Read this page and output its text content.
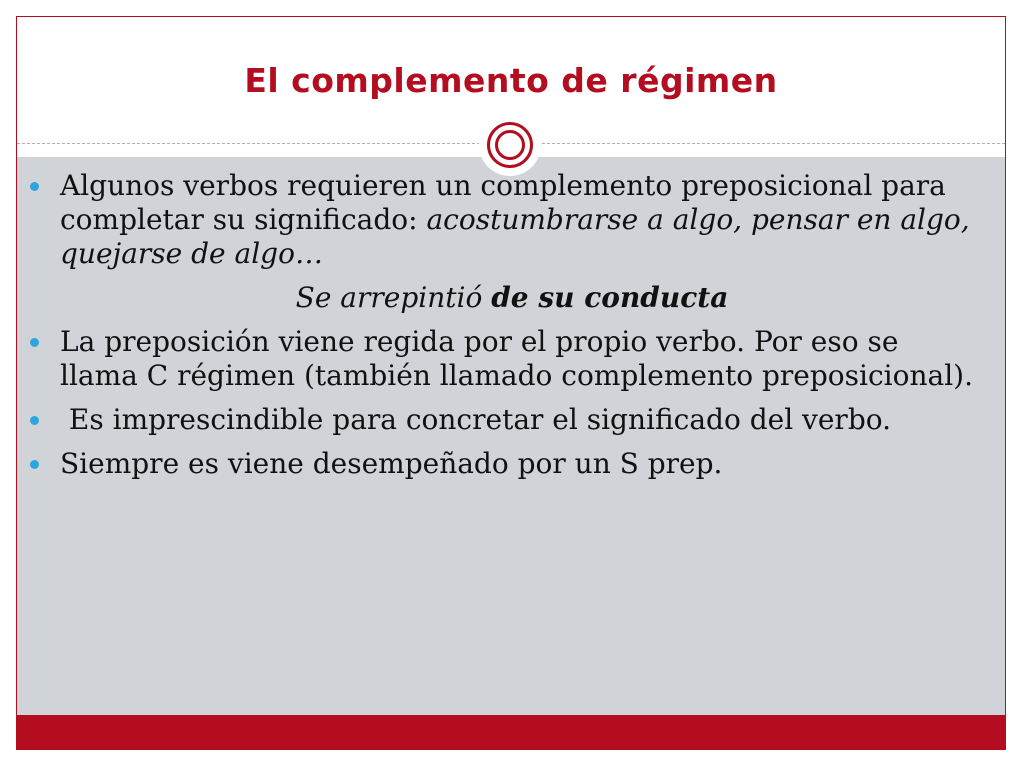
El complemento de régimen
Algunos verbos requieren un complemento preposicional para completar su significado: acostumbrarse a algo, pensar en algo, quejarse de algo…
Se arrepintió de su conducta
La preposición viene regida por el propio verbo. Por eso se llama C régimen (también llamado complemento preposicional).
Es imprescindible para concretar el significado del verbo.
Siempre es viene desempeñado por un S prep.
